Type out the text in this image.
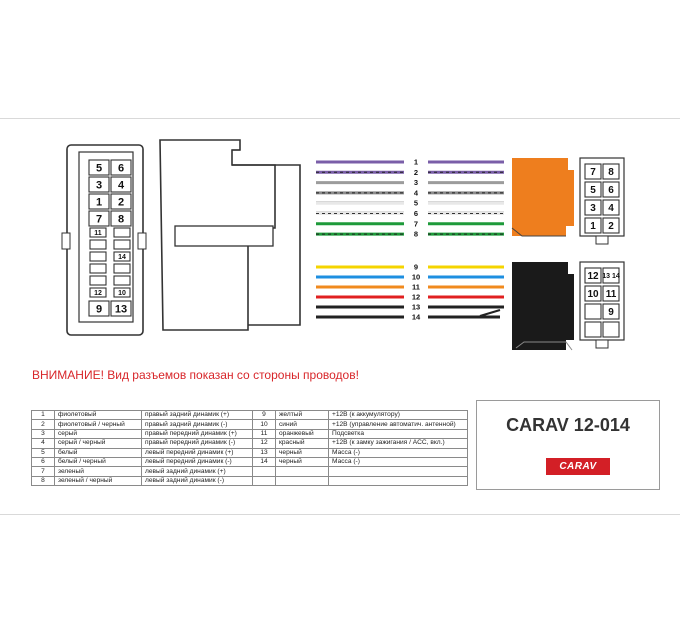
5 6
3 4
1 2
7 8
11
14
12 10
9 13
1
2
3
4
5
6
7
8
9
10
11
12
13
14
7 8
5 6
3 4
1 2
12 13 14
10 11
9
ВНИМАНИЕ! Вид разъемов показан со стороны проводов!
1	фиолетовый	правый задний динамик (+)	9	желтый	+12В (к аккумулятору)
2	фиолетовый / черный	правый задний динамик (-)	10	синий	+12В (управление автоматич. антенной)
3	серый	правый передний динамик (+)	11	оранжевый	Подсветка
4	серый / черный	правый передний динамик (-)	12	красный	+12В (к замку зажигания / ACC, вкл.)
5	белый	левый передний динамик (+)	13	черный	Масса (-)
6	белый / черный	левый передний динамик (-)	14	черный	Масса (-)
7	зеленый	левый задний динамик (+)			
8	зеленый / черный	левый задний динамик (-)			
CARAV 12-014
CARAV
